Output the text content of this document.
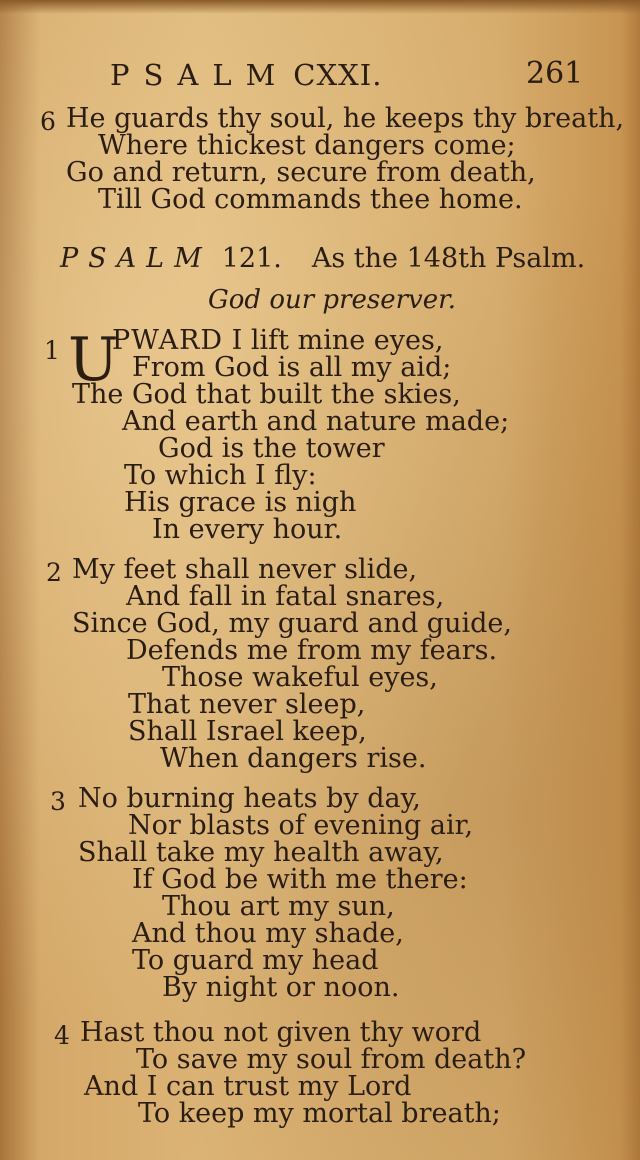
PSALM CXXI.	261
6 He guards thy soul, he keeps thy breath,
Where thickest dangers come;
Go and return, secure from death,
Till God commands thee home.
PSALM 121. As the 148th Psalm.
God our preserver.
1 U
PWARD I lift mine eyes,
From God is all my aid;
The God that built the skies,
And earth and nature made;
God is the tower
To which I fly:
His grace is nigh
In every hour.
2 My feet shall never slide,
And fall in fatal snares,
Since God, my guard and guide,
Defends me from my fears.
Those wakeful eyes,
That never sleep,
Shall Israel keep,
When dangers rise.
3 No burning heats by day,
Nor blasts of evening air,
Shall take my health away,
If God be with me there:
Thou art my sun,
And thou my shade,
To guard my head
By night or noon.
4 Hast thou not given thy word
To save my soul from death?
And I can trust my Lord
To keep my mortal breath;
